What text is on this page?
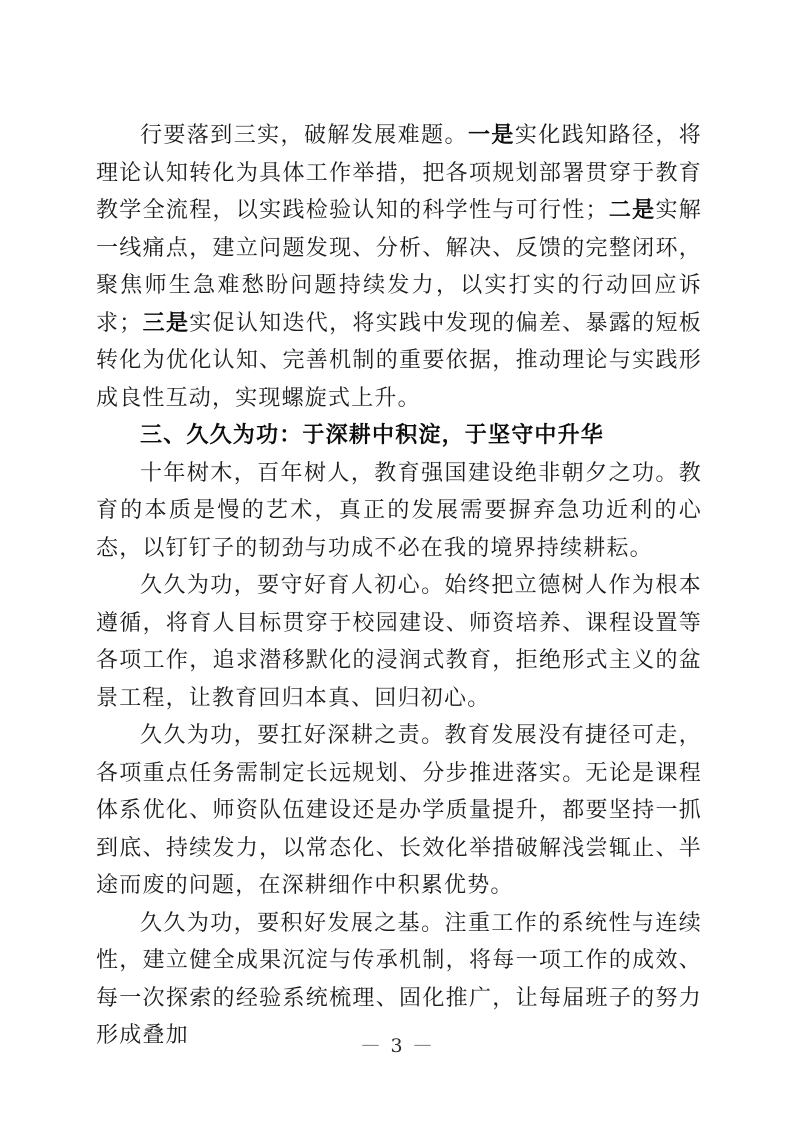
行要落到三实，破解发展难题。一是实化践知路径，将理论认知转化为具体工作举措，把各项规划部署贯穿于教育教学全流程，以实践检验认知的科学性与可行性；二是实解一线痛点，建立问题发现、分析、解决、反馈的完整闭环，聚焦师生急难愁盼问题持续发力，以实打实的行动回应诉求；三是实促认知迭代，将实践中发现的偏差、暴露的短板转化为优化认知、完善机制的重要依据，推动理论与实践形成良性互动，实现螺旋式上升。

三、久久为功：于深耕中积淀，于坚守中升华

十年树木，百年树人，教育强国建设绝非朝夕之功。教育的本质是慢的艺术，真正的发展需要摒弃急功近利的心态，以钉钉子的韧劲与功成不必在我的境界持续耕耘。

久久为功，要守好育人初心。始终把立德树人作为根本遵循，将育人目标贯穿于校园建设、师资培养、课程设置等各项工作，追求潜移默化的浸润式教育，拒绝形式主义的盆景工程，让教育回归本真、回归初心。

久久为功，要扛好深耕之责。教育发展没有捷径可走，各项重点任务需制定长远规划、分步推进落实。无论是课程体系优化、师资队伍建设还是办学质量提升，都要坚持一抓到底、持续发力，以常态化、长效化举措破解浅尝辄止、半途而废的问题，在深耕细作中积累优势。

久久为功，要积好发展之基。注重工作的系统性与连续性，建立健全成果沉淀与传承机制，将每一项工作的成效、每一次探索的经验系统梳理、固化推广，让每届班子的努力形成叠加	— 3 —
